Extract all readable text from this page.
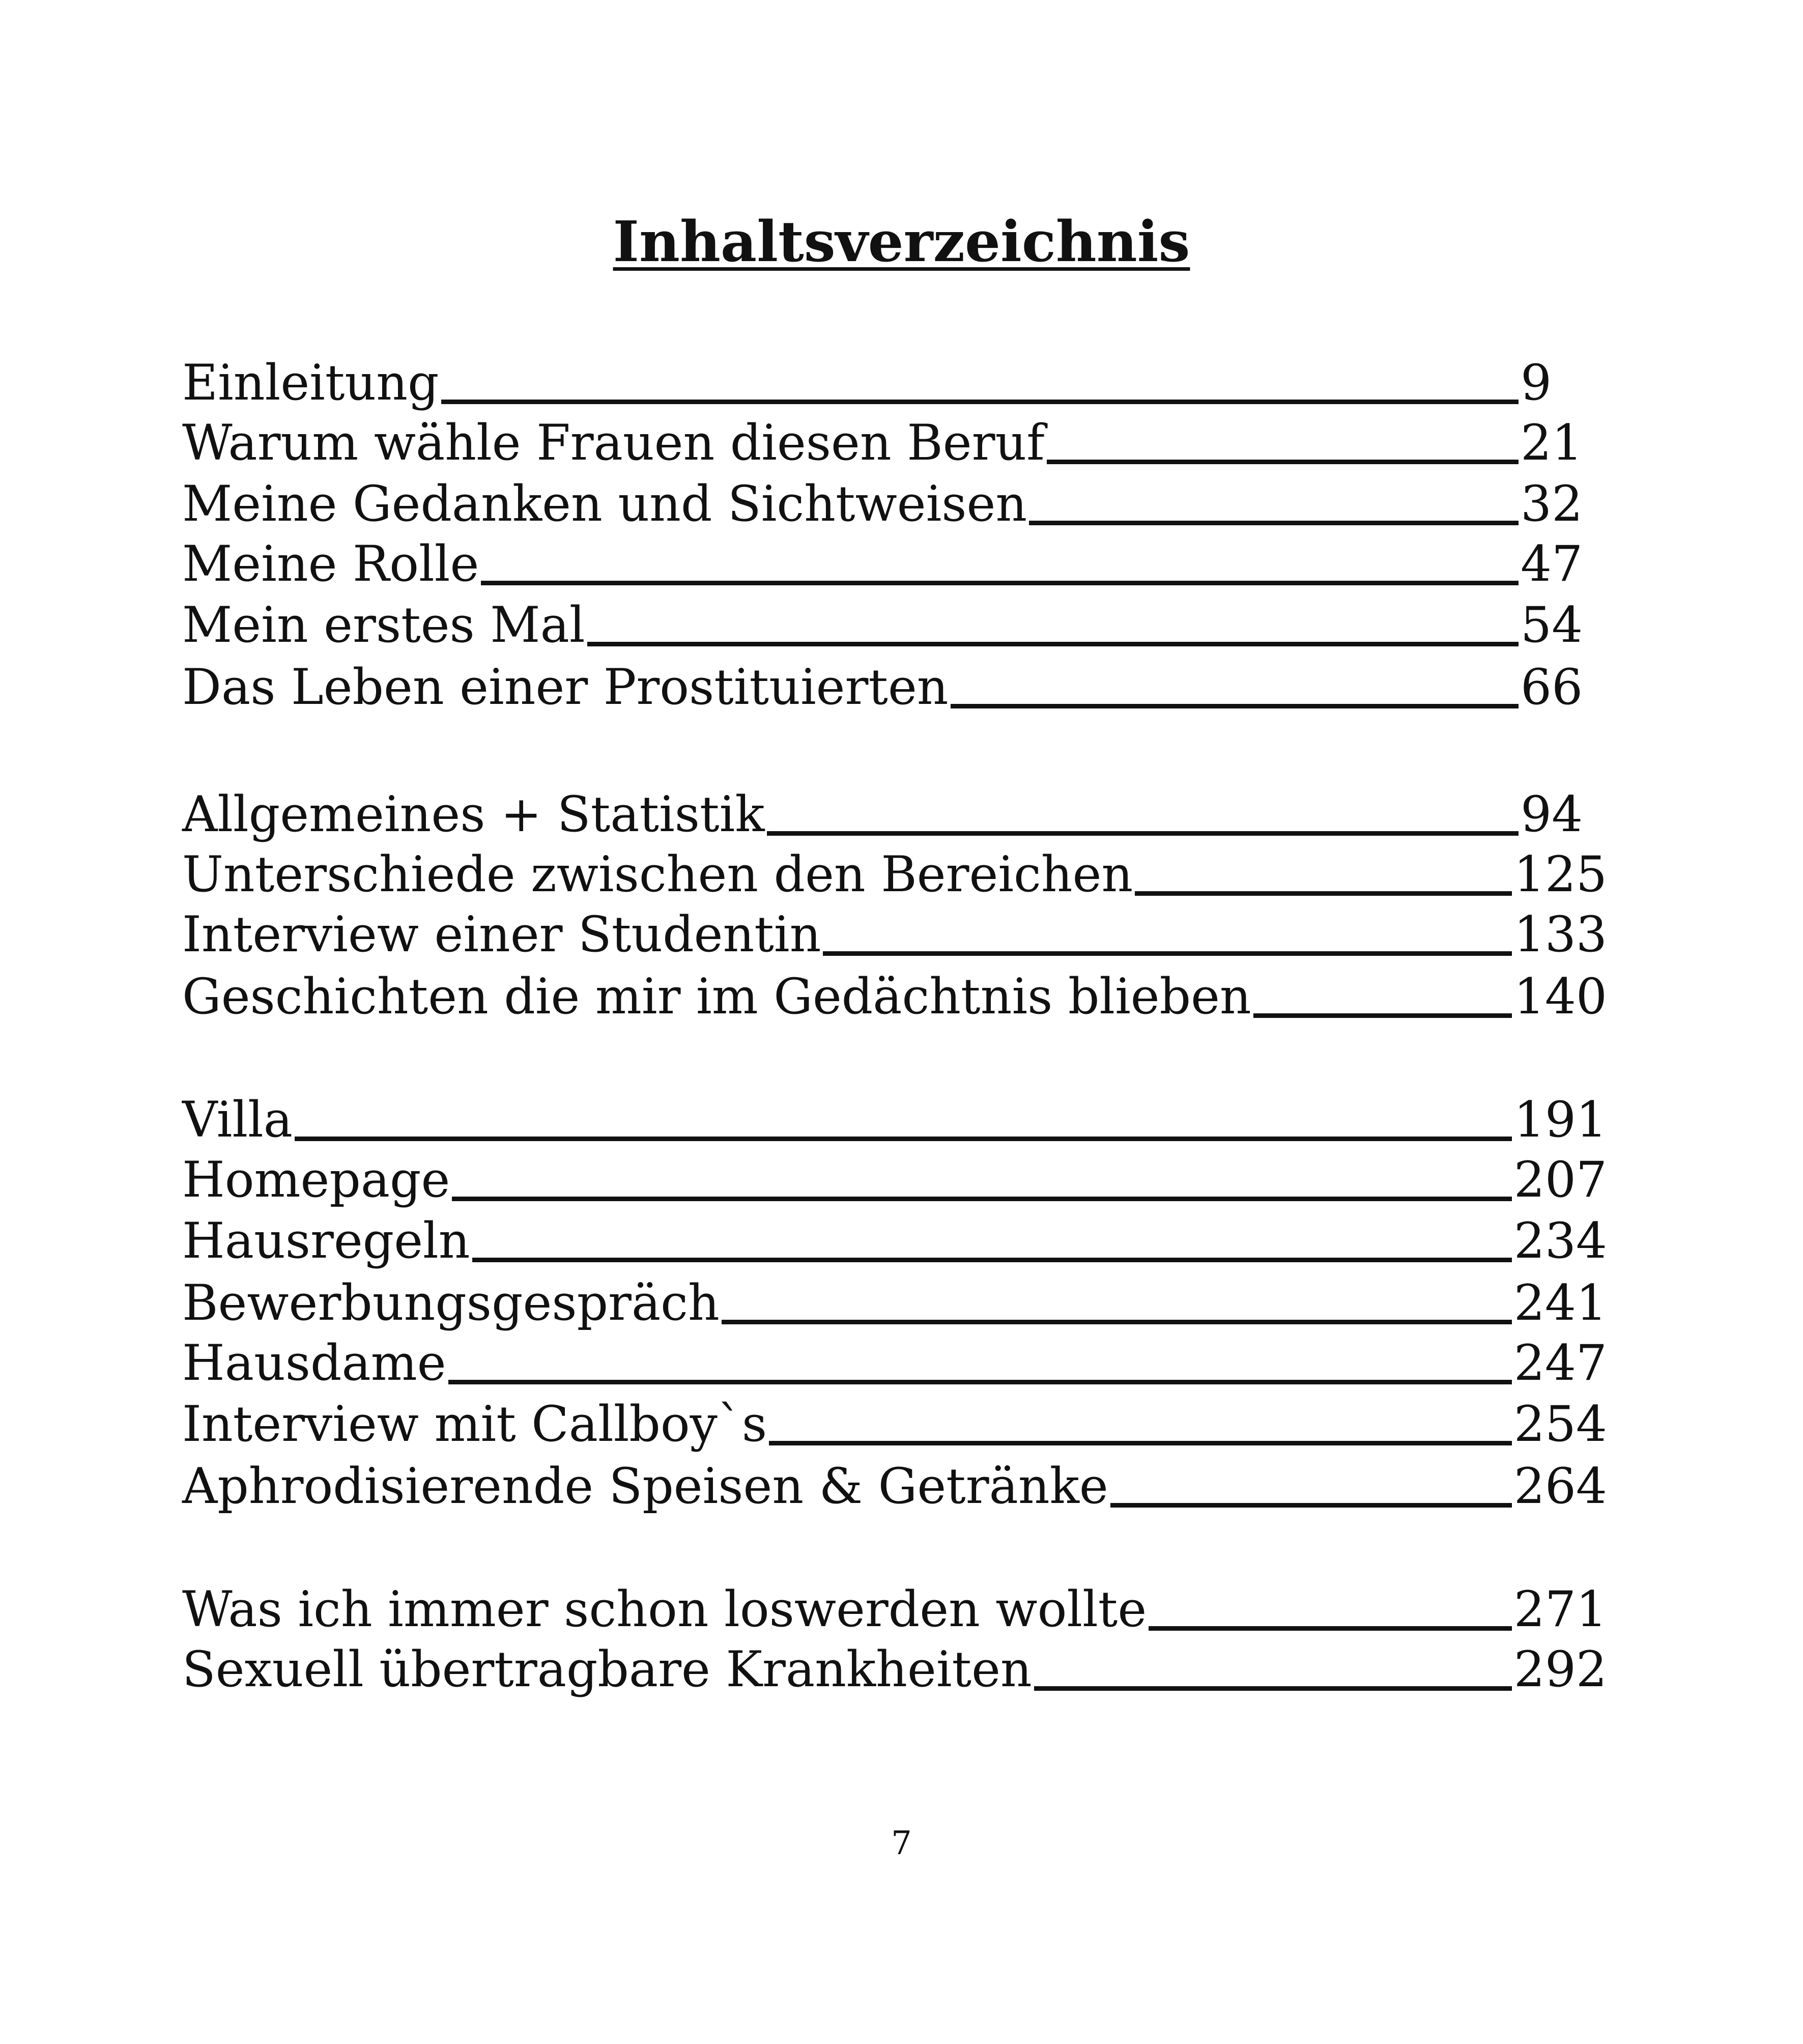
Inhaltsverzeichnis
Einleitung	9
Warum wähle Frauen diesen Beruf	21
Meine Gedanken und Sichtweisen	32
Meine Rolle	47
Mein erstes Mal	54
Das Leben einer Prostituierten	66
Allgemeines + Statistik	94
Unterschiede zwischen den Bereichen	125
Interview einer Studentin	133
Geschichten die mir im Gedächtnis blieben	140
Villa	191
Homepage	207
Hausregeln	234
Bewerbungsgespräch	241
Hausdame	247
Interview mit Callboy`s	254
Aphrodisierende Speisen & Getränke	264
Was ich immer schon loswerden wollte	271
Sexuell übertragbare Krankheiten	292
7
